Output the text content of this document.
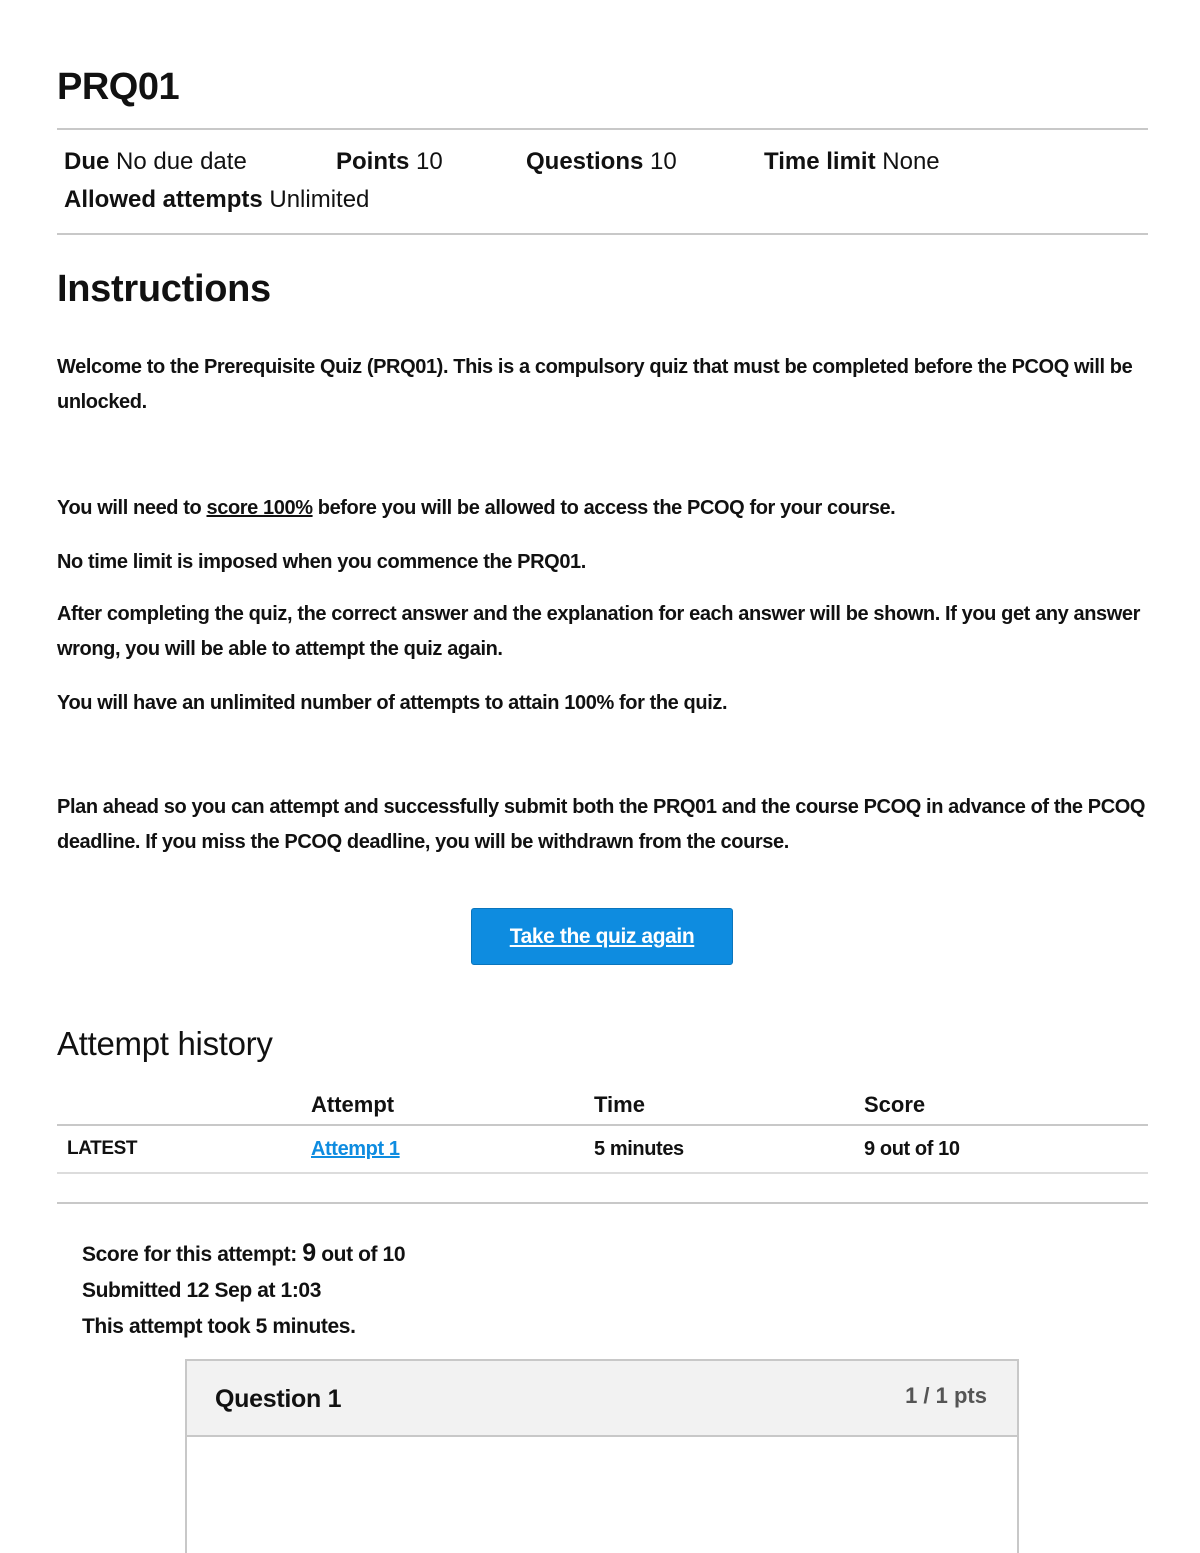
PRQ01
Due No due date	Points 10	Questions 10	Time limit None
Allowed attempts Unlimited
Instructions

Welcome to the Prerequisite Quiz (PRQ01). This is a compulsory quiz that must be completed before the PCOQ will be unlocked.

You will need to score 100% before you will be allowed to access the PCOQ for your course.

No time limit is imposed when you commence the PRQ01.

After completing the quiz, the correct answer and the explanation for each answer will be shown. If you get any answer wrong, you will be able to attempt the quiz again.

You will have an unlimited number of attempts to attain 100% for the quiz.

Plan ahead so you can attempt and successfully submit both the PRQ01 and the course PCOQ in advance of the PCOQ deadline. If you miss the PCOQ deadline, you will be withdrawn from the course.

Take the quiz again
Attempt history
	Attempt	Time	Score
LATEST	Attempt 1	5 minutes	9 out of 10
Score for this attempt: 9 out of 10
Submitted 12 Sep at 1:03
This attempt took 5 minutes.
Question 1	1 / 1 pts
